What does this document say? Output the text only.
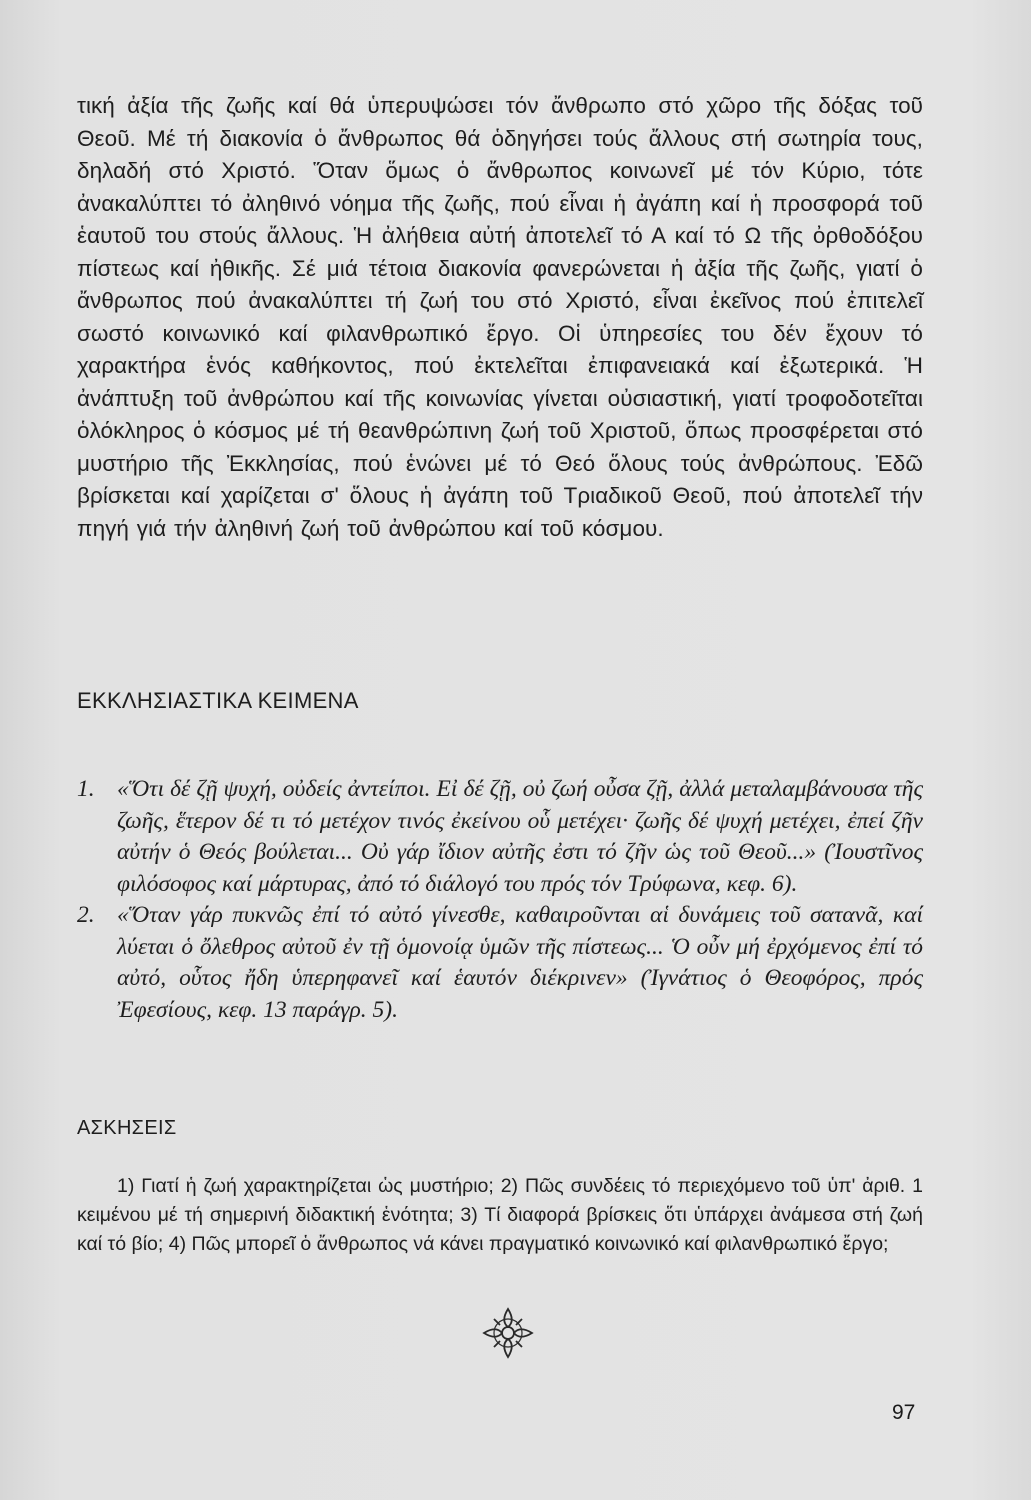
τική ἀξία τῆς ζωῆς καί θά ὑπερυψώσει τόν ἄνθρωπο στό χῶρο τῆς δόξας τοῦ Θεοῦ. Μέ τή διακονία ὁ ἄνθρωπος θά ὁδηγήσει τούς ἄλλους στή σωτηρία τους, δηλαδή στό Χριστό. Ὅταν ὅμως ὁ ἄνθρωπος κοινωνεῖ μέ τόν Κύριο, τότε ἀνακαλύπτει τό ἀληθινό νόημα τῆς ζωῆς, πού εἶναι ἡ ἀγάπη καί ἡ προσφορά τοῦ ἑαυτοῦ του στούς ἄλλους. Ἡ ἀλήθεια αὐτή ἀποτελεῖ τό Α καί τό Ω τῆς ὀρθοδόξου πίστεως καί ἠθικῆς. Σέ μιά τέτοια διακονία φανερώνεται ἡ ἀξία τῆς ζωῆς, γιατί ὁ ἄνθρωπος πού ἀνακαλύπτει τή ζωή του στό Χριστό, εἶναι ἐκεῖνος πού ἐπιτελεῖ σωστό κοινωνικό καί φιλανθρωπικό ἔργο. Οἱ ὑπηρεσίες του δέν ἔχουν τό χαρακτήρα ἑνός καθήκοντος, πού ἐκτελεῖται ἐπιφανειακά καί ἐξωτερικά. Ἡ ἀνάπτυξη τοῦ ἀνθρώπου καί τῆς κοινωνίας γίνεται οὐσιαστική, γιατί τροφοδοτεῖται ὁλόκληρος ὁ κόσμος μέ τή θεανθρώπινη ζωή τοῦ Χριστοῦ, ὅπως προσφέρεται στό μυστήριο τῆς Ἐκκλησίας, πού ἑνώνει μέ τό Θεό ὅλους τούς ἀνθρώπους. Ἐδῶ βρίσκεται καί χαρίζεται σ' ὅλους ἡ ἀγάπη τοῦ Τριαδικοῦ Θεοῦ, πού ἀποτελεῖ τήν πηγή γιά τήν ἀληθινή ζωή τοῦ ἀνθρώπου καί τοῦ κόσμου.
ΕΚΚΛΗΣΙΑΣΤΙΚΑ ΚΕΙΜΕΝΑ
1. «Ὅτι δέ ζῇ ψυχή, οὐδείς ἀντείποι. Εἰ δέ ζῇ, οὐ ζωή οὖσα ζῇ, ἀλλά μεταλαμβάνουσα τῆς ζωῆς, ἕτερον δέ τι τό μετέχον τινός ἐκείνου οὗ μετέχει· ζωῆς δέ ψυχή μετέχει, ἐπεί ζῆν αὐτήν ὁ Θεός βούλεται... Οὐ γάρ ἴδιον αὐτῆς ἐστι τό ζῆν ὡς τοῦ Θεοῦ...» (Ἰουστῖνος φιλόσοφος καί μάρτυρας, ἀπό τό διάλογό του πρός τόν Τρύφωνα, κεφ. 6).
2. «Ὅταν γάρ πυκνῶς ἐπί τό αὐτό γίνεσθε, καθαιροῦνται αἱ δυνάμεις τοῦ σατανᾶ, καί λύεται ὁ ὄλεθρος αὐτοῦ ἐν τῇ ὁμονοίᾳ ὑμῶν τῆς πίστεως... Ὁ οὖν μή ἐρχόμενος ἐπί τό αὐτό, οὗτος ἤδη ὑπερηφανεῖ καί ἑαυτόν διέκρινεν» (Ἰγνάτιος ὁ Θεοφόρος, πρός Ἐφεσίους, κεφ. 13 παράγρ. 5).
ΑΣΚΗΣΕΙΣ
1) Γιατί ἡ ζωή χαρακτηρίζεται ὡς μυστήριο; 2) Πῶς συνδέεις τό περιεχόμενο τοῦ ὑπ' ἀριθ. 1 κειμένου μέ τή σημερινή διδακτική ἑνότητα; 3) Τί διαφορά βρίσκεις ὅτι ὑπάρχει ἀνάμεσα στή ζωή καί τό βίο; 4) Πῶς μπορεῖ ὁ ἄνθρωπος νά κάνει πραγματικό κοινωνικό καί φιλανθρωπικό ἔργο;
97
